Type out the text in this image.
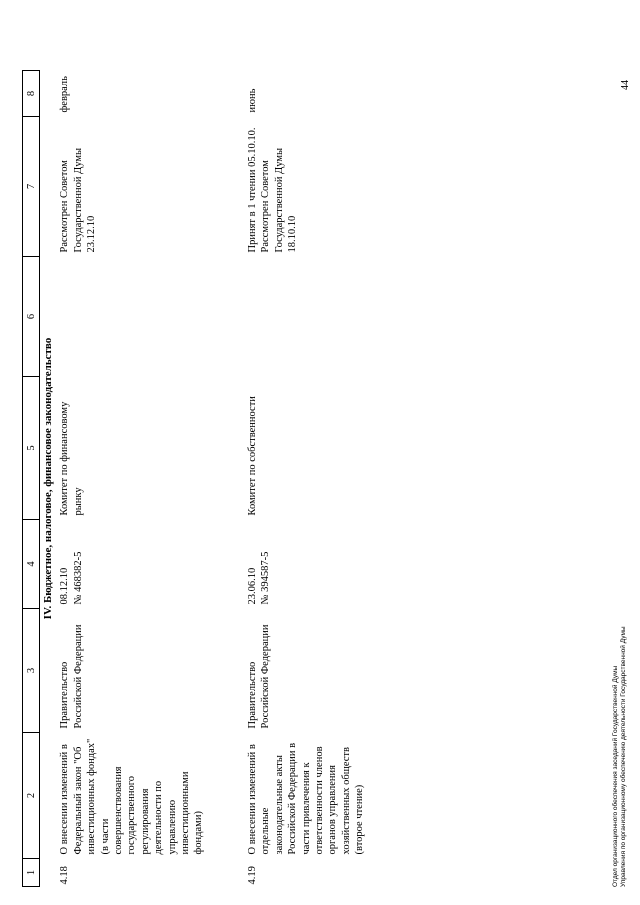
1	2	3	4	5	6	7	8
IV. Бюджетное, налоговое, финансовое законодательство							
4.18	О внесении изменений в Федеральный закон "Об инвестиционных фондах" (в части совершенствования государственного регулирования деятельности по управлению инвестиционными фондами)	Правительство Российской Федерации	08.12.10 № 468382-5	Комитет по финансовому рынку		Рассмотрен Советом Государственной Думы 23.12.10	февраль
4.19	О внесении изменений в отдельные законодательные акты Российской Федерации в части привлечения к ответственности членов органов управления хозяйственных обществ (второе чтение)	Правительство Российской Федерации	23.06.10 № 394587-5	Комитет по собственности		Принят в 1 чтении 05.10.10. Рассмотрен Советом Государственной Думы 18.10.10	июнь
Отдел организационного обеспечения заседаний Государственной Думы Управления по организационному обеспечению деятельности Государственной Думы
44
